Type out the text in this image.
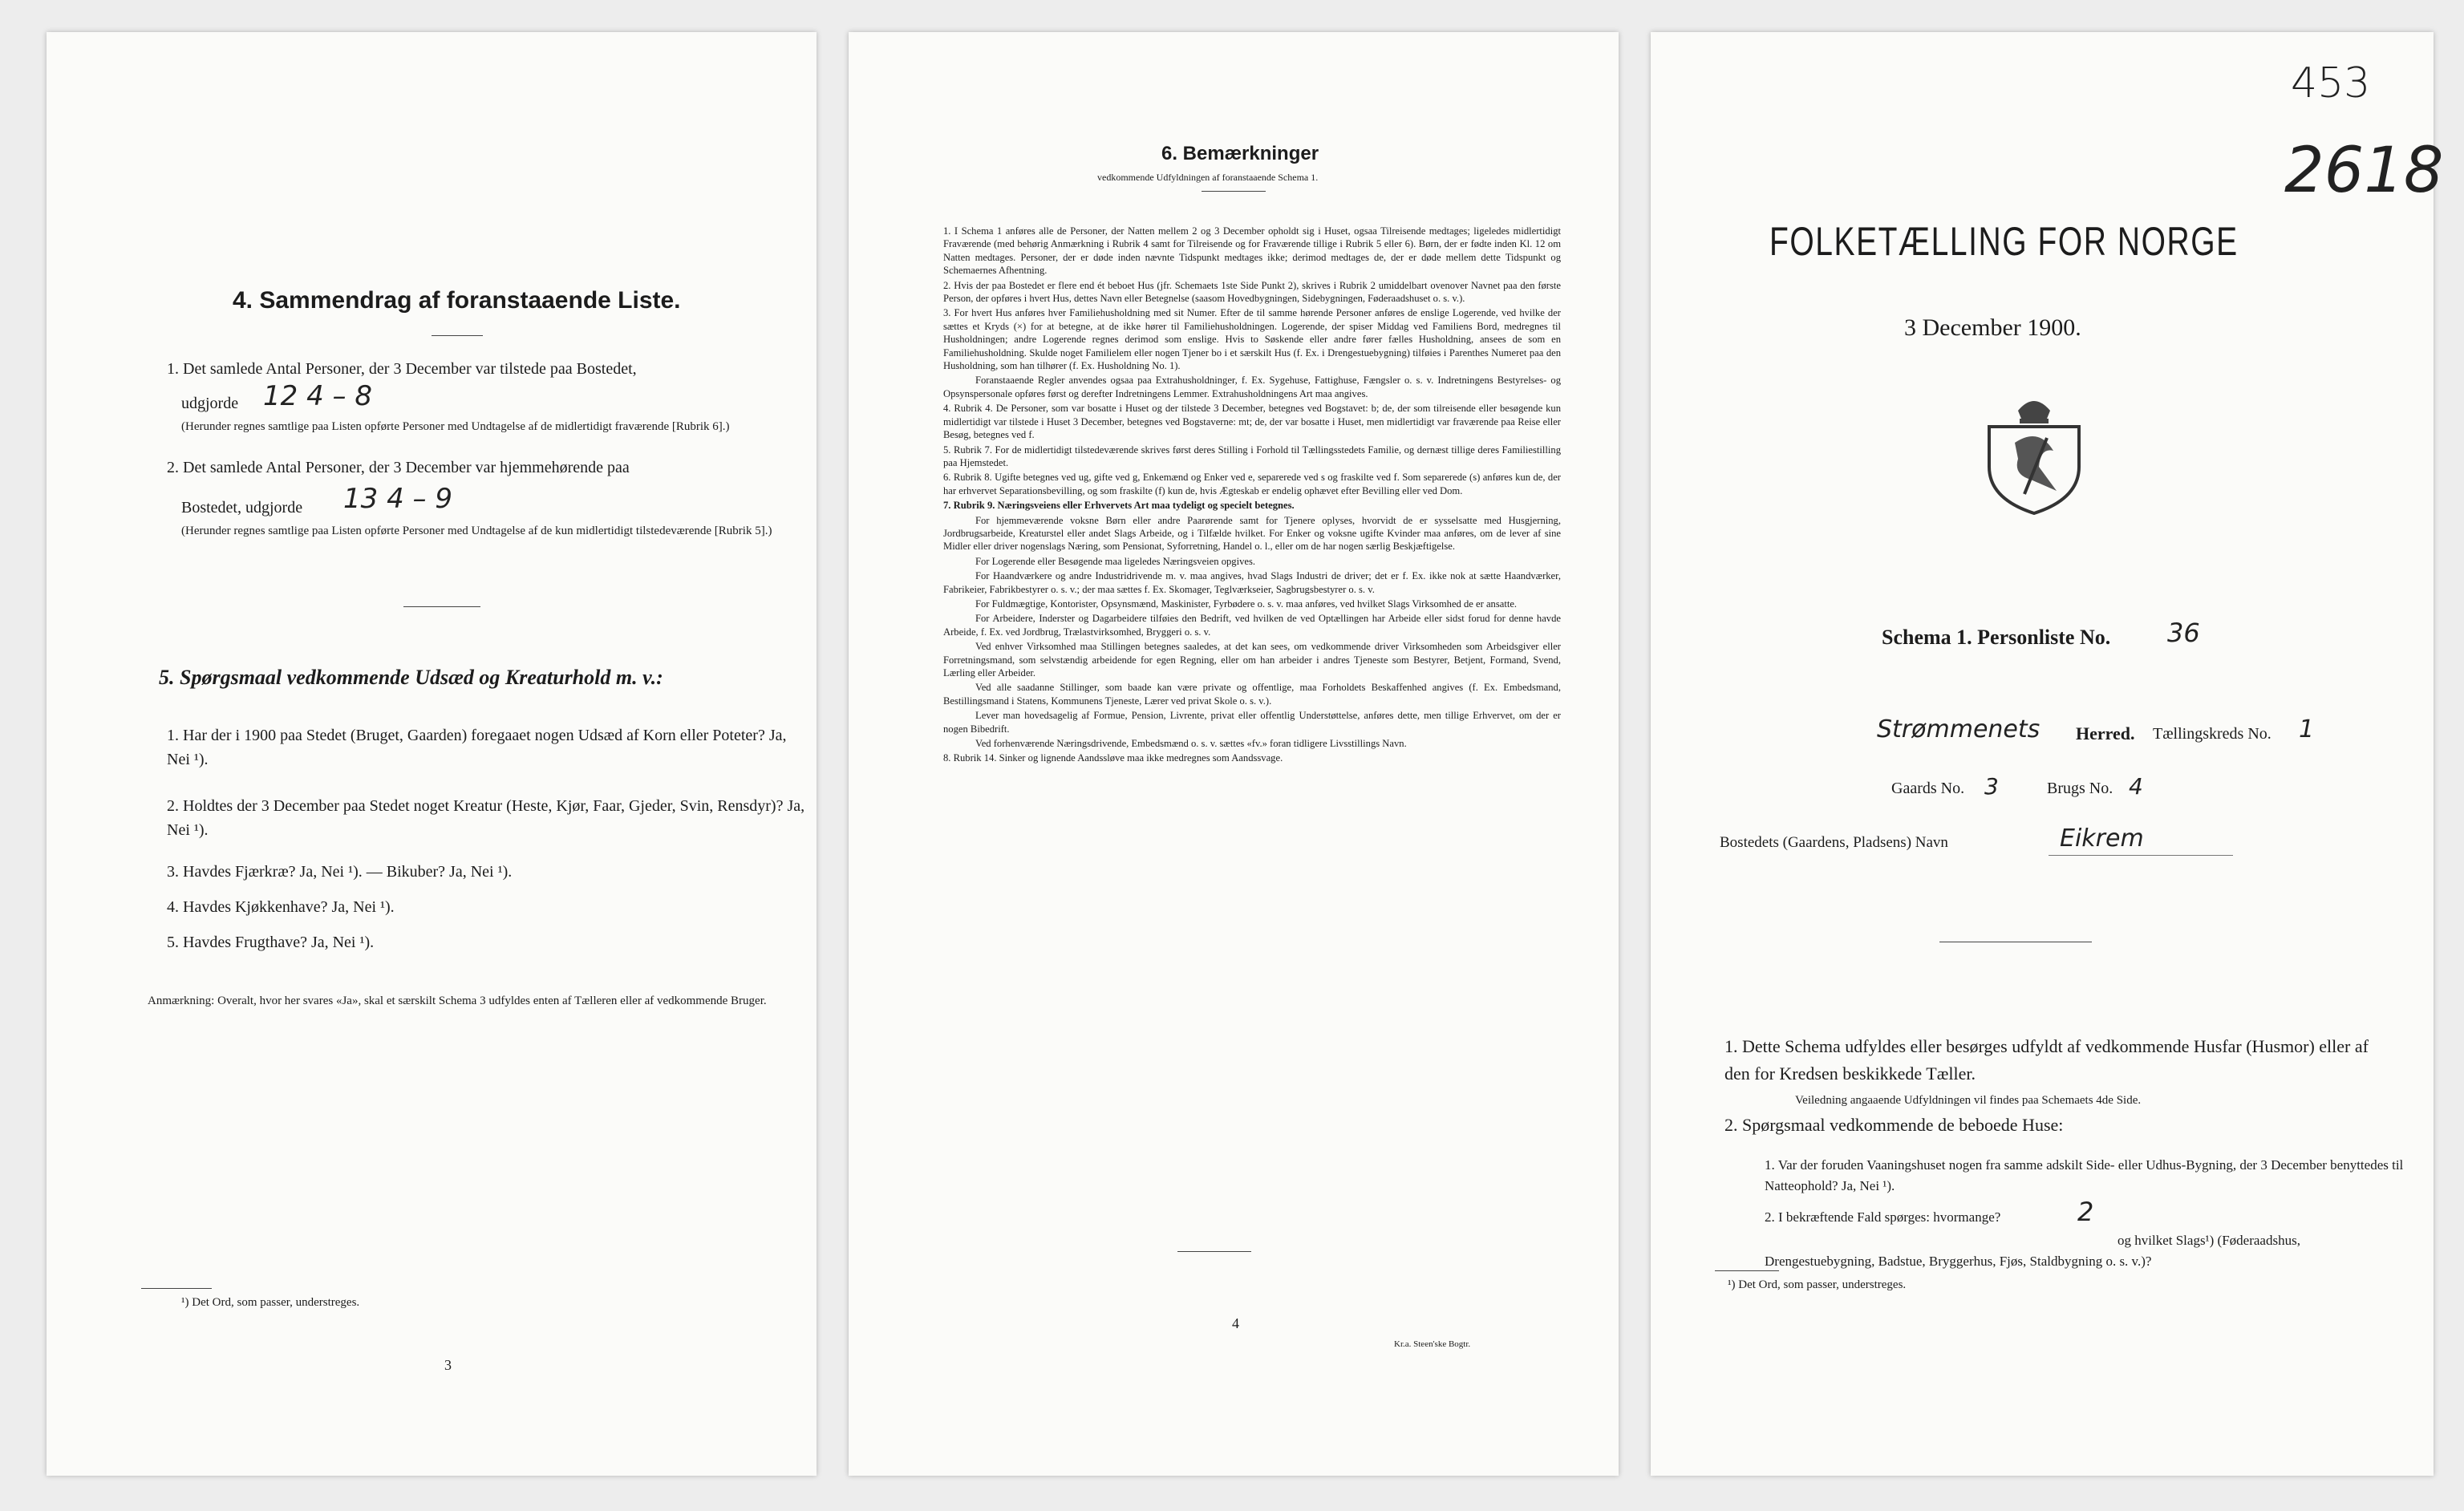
4. Sammendrag af foranstaaende Liste.
1. Det samlede Antal Personer, der 3 December var tilstede paa Bostedet,
udgjorde 12 4 – 8
(Herunder regnes samtlige paa Listen opførte Personer med Undtagelse af de midlertidigt fraværende [Rubrik 6].)
2. Det samlede Antal Personer, der 3 December var hjemmehørende paa
Bostedet, udgjorde 13 4 – 9
(Herunder regnes samtlige paa Listen opførte Personer med Undtagelse af de kun midlertidigt tilstedeværende [Rubrik 5].)
5. Spørgsmaal vedkommende Udsæd og Kreaturhold m. v.:
1. Har der i 1900 paa Stedet (Bruget, Gaarden) foregaaet nogen Udsæd af Korn eller Poteter? Ja, Nei ¹).
2. Holdtes der 3 December paa Stedet noget Kreatur (Heste, Kjør, Faar, Gjeder, Svin, Rensdyr)? Ja, Nei ¹).
3. Havdes Fjærkræ? Ja, Nei ¹). — Bikuber? Ja, Nei ¹).
4. Havdes Kjøkkenhave? Ja, Nei ¹).
5. Havdes Frugthave? Ja, Nei ¹).
Anmærkning: Overalt, hvor her svares «Ja», skal et særskilt Schema 3 udfyldes enten af Tælleren eller af vedkommende Bruger.
¹) Det Ord, som passer, understreges.
3
6. Bemærkninger
vedkommende Udfyldningen af foranstaaende Schema 1.

1. I Schema 1 anføres alle de Personer, der Natten mellem 2 og 3 December opholdt sig i Huset, ogsaa Tilreisende medtages; ligeledes midlertidigt Fraværende (med behørig Anmærkning i Rubrik 4 samt for Tilreisende og for Fraværende tillige i Rubrik 5 eller 6). Børn, der er fødte inden Kl. 12 om Natten medtages. Personer, der er døde inden nævnte Tidspunkt medtages ikke; derimod medtages de, der er døde mellem dette Tidspunkt og Schemaernes Afhentning.

2. Hvis der paa Bostedet er flere end ét beboet Hus (jfr. Schemaets 1ste Side Punkt 2), skrives i Rubrik 2 umiddelbart ovenover Navnet paa den første Person, der opføres i hvert Hus, dettes Navn eller Betegnelse (saasom Hovedbygningen, Sidebygningen, Føderaadshuset o. s. v.).

3. For hvert Hus anføres hver Familiehusholdning med sit Numer. Efter de til samme hørende Personer anføres de enslige Logerende, ved hvilke der sættes et Kryds (×) for at betegne, at de ikke hører til Familiehusholdningen. Logerende, der spiser Middag ved Familiens Bord, medregnes til Husholdningen; andre Logerende regnes derimod som enslige. Hvis to Søskende eller andre fører fælles Husholdning, ansees de som en Familiehusholdning. Skulde noget Familielem eller nogen Tjener bo i et særskilt Hus (f. Ex. i Drengestuebygning) tilføies i Parenthes Numeret paa den Husholdning, som han tilhører (f. Ex. Husholdning No. 1).

Foranstaaende Regler anvendes ogsaa paa Extrahusholdninger, f. Ex. Sygehuse, Fattighuse, Fængsler o. s. v. Indretningens Bestyrelses- og Opsynspersonale opføres først og derefter Indretningens Lemmer. Extrahusholdningens Art maa angives.

4. Rubrik 4. De Personer, som var bosatte i Huset og der tilstede 3 December, betegnes ved Bogstavet: b; de, der som tilreisende eller besøgende kun midlertidigt var tilstede i Huset 3 December, betegnes ved Bogstaverne: mt; de, der var bosatte i Huset, men midlertidigt var fraværende paa Reise eller Besøg, betegnes ved f.

5. Rubrik 7. For de midlertidigt tilstedeværende skrives først deres Stilling i Forhold til Tællingsstedets Familie, og dernæst tillige deres Familiestilling paa Hjemstedet.

6. Rubrik 8. Ugifte betegnes ved ug, gifte ved g, Enkemænd og Enker ved e, separerede ved s og fraskilte ved f. Som separerede (s) anføres kun de, der har erhvervet Separationsbevilling, og som fraskilte (f) kun de, hvis Ægteskab er endelig ophævet efter Bevilling eller ved Dom.

7. Rubrik 9. Næringsveiens eller Erhvervets Art maa tydeligt og specielt betegnes.

For hjemmeværende voksne Børn eller andre Paarørende samt for Tjenere oplyses, hvorvidt de er sysselsatte med Husgjerning, Jordbrugsarbeide, Kreaturstel eller andet Slags Arbeide, og i Tilfælde hvilket. For Enker og voksne ugifte Kvinder maa anføres, om de lever af sine Midler eller driver nogenslags Næring, som Pensionat, Syforretning, Handel o. l., eller om de har nogen særlig Beskjæftigelse.

For Logerende eller Besøgende maa ligeledes Næringsveien opgives.

For Haandværkere og andre Industridrivende m. v. maa angives, hvad Slags Industri de driver; det er f. Ex. ikke nok at sætte Haandværker, Fabrikeier, Fabrikbestyrer o. s. v.; der maa sættes f. Ex. Skomager, Teglværkseier, Sagbrugsbestyrer o. s. v.

For Fuldmægtige, Kontorister, Opsynsmænd, Maskinister, Fyrbødere o. s. v. maa anføres, ved hvilket Slags Virksomhed de er ansatte.

For Arbeidere, Inderster og Dagarbeidere tilføies den Bedrift, ved hvilken de ved Optællingen har Arbeide eller sidst forud for denne havde Arbeide, f. Ex. ved Jordbrug, Trælastvirksomhed, Bryggeri o. s. v.

Ved enhver Virksomhed maa Stillingen betegnes saaledes, at det kan sees, om vedkommende driver Virksomheden som Arbeidsgiver eller Forretningsmand, som selvstændig arbeidende for egen Regning, eller om han arbeider i andres Tjeneste som Bestyrer, Betjent, Formand, Svend, Lærling eller Arbeider.

Ved alle saadanne Stillinger, som baade kan være private og offentlige, maa Forholdets Beskaffenhed angives (f. Ex. Embedsmand, Bestillingsmand i Statens, Kommunens Tjeneste, Lærer ved privat Skole o. s. v.).

Lever man hovedsagelig af Formue, Pension, Livrente, privat eller offentlig Understøttelse, anføres dette, men tillige Erhvervet, om der er nogen Bibedrift.

Ved forhenværende Næringsdrivende, Embedsmænd o. s. v. sættes «fv.» foran tidligere Livsstillings Navn.

8. Rubrik 14. Sinker og lignende Aandssløve maa ikke medregnes som Aandssvage.

4
Kr.a. Steen'ske Bogtr.
453
2618
FOLKETÆLLING FOR NORGE
3 December 1900.
Schema 1. Personliste No. 36
Strømmenets Herred. Tællingskreds No. 1
Gaards No. 3	Brugs No. 4
Bostedets (Gaardens, Pladsens) Navn	Eikrem
1. Dette Schema udfyldes eller besørges udfyldt af vedkommende Husfar (Husmor) eller af den for Kredsen beskikkede Tæller.
Veiledning angaaende Udfyldningen vil findes paa Schemaets 4de Side.
2. Spørgsmaal vedkommende de beboede Huse:
1. Var der foruden Vaaningshuset nogen fra samme adskilt Side- eller Udhus-Bygning, der 3 December benyttedes til Natteophold? Ja, Nei ¹).
2. I bekræftende Fald spørges: hvormange?	2
og hvilket Slags¹) (Føderaadshus, Drengestuebygning, Badstue, Bryggerhus, Fjøs, Staldbygning o. s. v.)?
¹) Det Ord, som passer, understreges.
